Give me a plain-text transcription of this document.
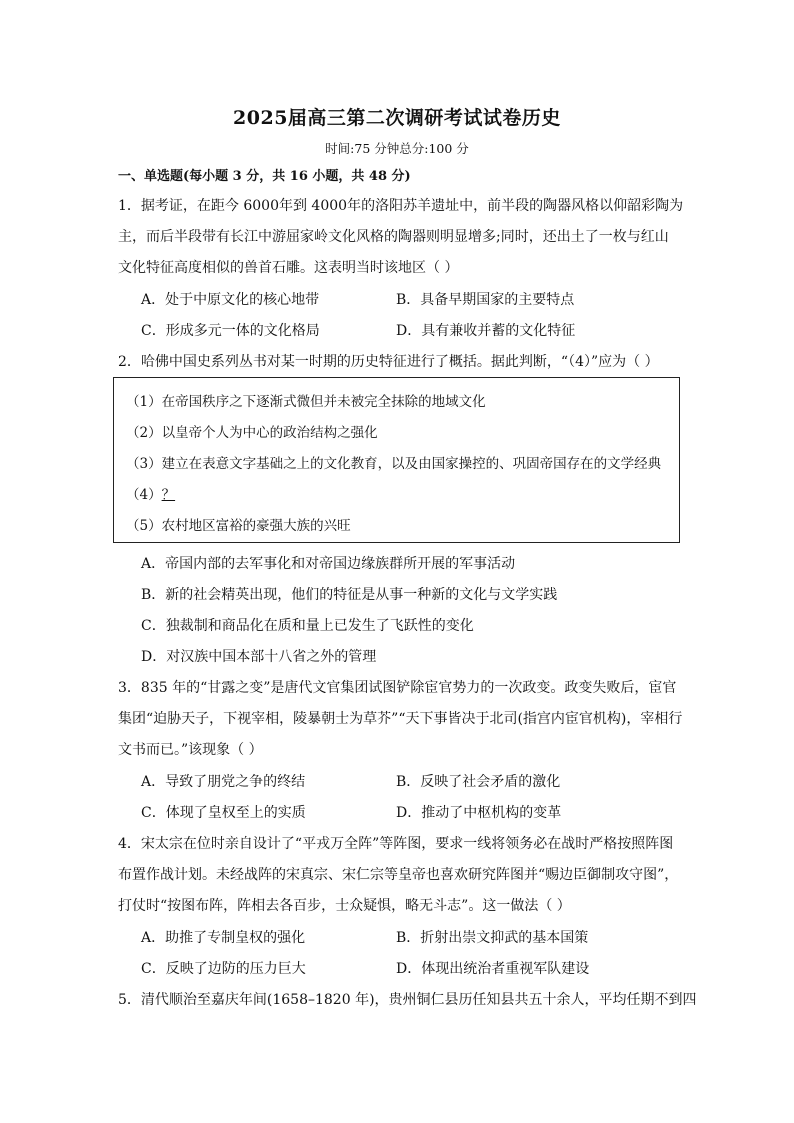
2025届高三第二次调研考试试卷历史
时间:75 分钟总分:100 分
一、单选题(每小题 3 分，共 16 小题，共 48 分)
1．据考证，在距今 6000年到 4000年的洛阳苏羊遗址中，前半段的陶器风格以仰韶彩陶为
主，而后半段带有长江中游屈家岭文化风格的陶器则明显增多;同时，还出土了一枚与红山
文化特征高度相似的兽首石雕。这表明当时该地区（ ）
A．处于中原文化的核心地带	B．具备早期国家的主要特点
C．形成多元一体的文化格局	D．具有兼收并蓄的文化特征
2．哈佛中国史系列丛书对某一时期的历史特征进行了概括。据此判断，“（4）”应为（ ）
（1）在帝国秩序之下逐渐式微但并未被完全抹除的地域文化
（2）以皇帝个人为中心的政治结构之强化
（3）建立在表意文字基础之上的文化教育，以及由国家操控的、巩固帝国存在的文学经典
（4）？
（5）农村地区富裕的豪强大族的兴旺
A．帝国内部的去军事化和对帝国边缘族群所开展的军事活动
B．新的社会精英出现，他们的特征是从事一种新的文化与文学实践
C．独裁制和商品化在质和量上已发生了飞跃性的变化
D．对汉族中国本部十八省之外的管理
3．835 年的“甘露之变”是唐代文官集团试图铲除宦官势力的一次政变。政变失败后，宦官
集团“迫胁天子，下视宰相，陵暴朝士为草芥”“天下事皆决于北司(指宫内宦官机构)，宰相行
文书而已。”该现象（ ）
A．导致了朋党之争的终结	B．反映了社会矛盾的激化
C．体现了皇权至上的实质	D．推动了中枢机构的变革
4．宋太宗在位时亲自设计了“平戎万全阵”等阵图，要求一线将领务必在战时严格按照阵图
布置作战计划。未经战阵的宋真宗、宋仁宗等皇帝也喜欢研究阵图并“赐边臣御制攻守图”，
打仗时“按图布阵，阵相去各百步，士众疑惧，略无斗志”。这一做法（ ）
A．助推了专制皇权的强化	B．折射出崇文抑武的基本国策
C．反映了边防的压力巨大	D．体现出统治者重视军队建设
5．清代顺治至嘉庆年间(1658–1820 年)，贵州铜仁县历任知县共五十余人，平均任期不到四
